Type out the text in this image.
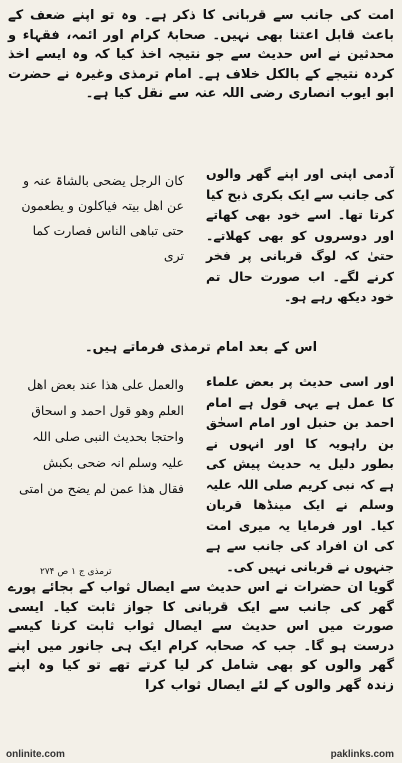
امت کی جانب سے قربانی کا ذکر ہے۔ وہ تو اپنے ضعف کے باعث قابل اعتنا بھی نہیں۔ صحابۂ کرام اور ائمہ، فقہاء و محدثین نے اس حدیث سے جو نتیجہ اخذ کیا کہ وہ ایسے اخذ کردہ نتیجے کے بالکل خلاف ہے۔ امام ترمذی وغیرہ نے حضرت ابو ایوب انصاری رضی اللہ عنہ سے نقل کیا ہے۔
آدمی اپنی اور اپنے گھر والوں کی جانب سے ایک بکری ذبح کیا کرتا تھا۔ اسے خود بھی کھاتے اور دوسروں کو بھی کھلاتے۔ حتیٰ کہ لوگ قربانی پر فخر کرنے لگے۔ اب صورت حال تم خود دیکھ رہے ہو۔
کان الرجل یضحی بالشاۃ عنہ و عن اھل بیتہ فیاکلون و یطعمون حتی تباھی الناس فصارت کما تری
اس کے بعد امام ترمذی فرماتے ہیں۔
اور اسی حدیث پر بعض علماء کا عمل ہے یہی قول ہے امام احمد بن حنبل اور امام اسحٰق بن راہویہ کا اور انہوں نے بطور دلیل یہ حدیث پیش کی ہے کہ نبی کریم صلی اللہ علیہ وسلم نے ایک مینڈھا قربان کیا۔ اور فرمایا یہ میری امت کی ان افراد کی جانب سے ہے جنہوں نے قربانی نہیں کی۔
والعمل علی ھذا عند بعض اھل العلم وھو قول احمد و اسحاق واحتجا بحدیث النبی صلی اللہ علیہ وسلم انہ ضحی بکبش فقال ھذا عمن لم یضح من امتی
ترمذی ج ۱ ص ۲۷۴
گویا ان حضرات نے اس حدیث سے ایصال ثواب کے بجائے پورے گھر کی جانب سے ایک قربانی کا جواز ثابت کیا۔ ایسی صورت میں اس حدیث سے ایصال ثواب ثابت کرنا کیسے درست ہو گا۔ جب کہ صحابہ کرام ایک ہی جانور میں اپنے گھر والوں کو بھی شامل کر لیا کرتے تھے تو کیا وہ اپنے زندہ گھر والوں کے لئے ایصال ثواب کرا
onlinite.com	paklinks.com
